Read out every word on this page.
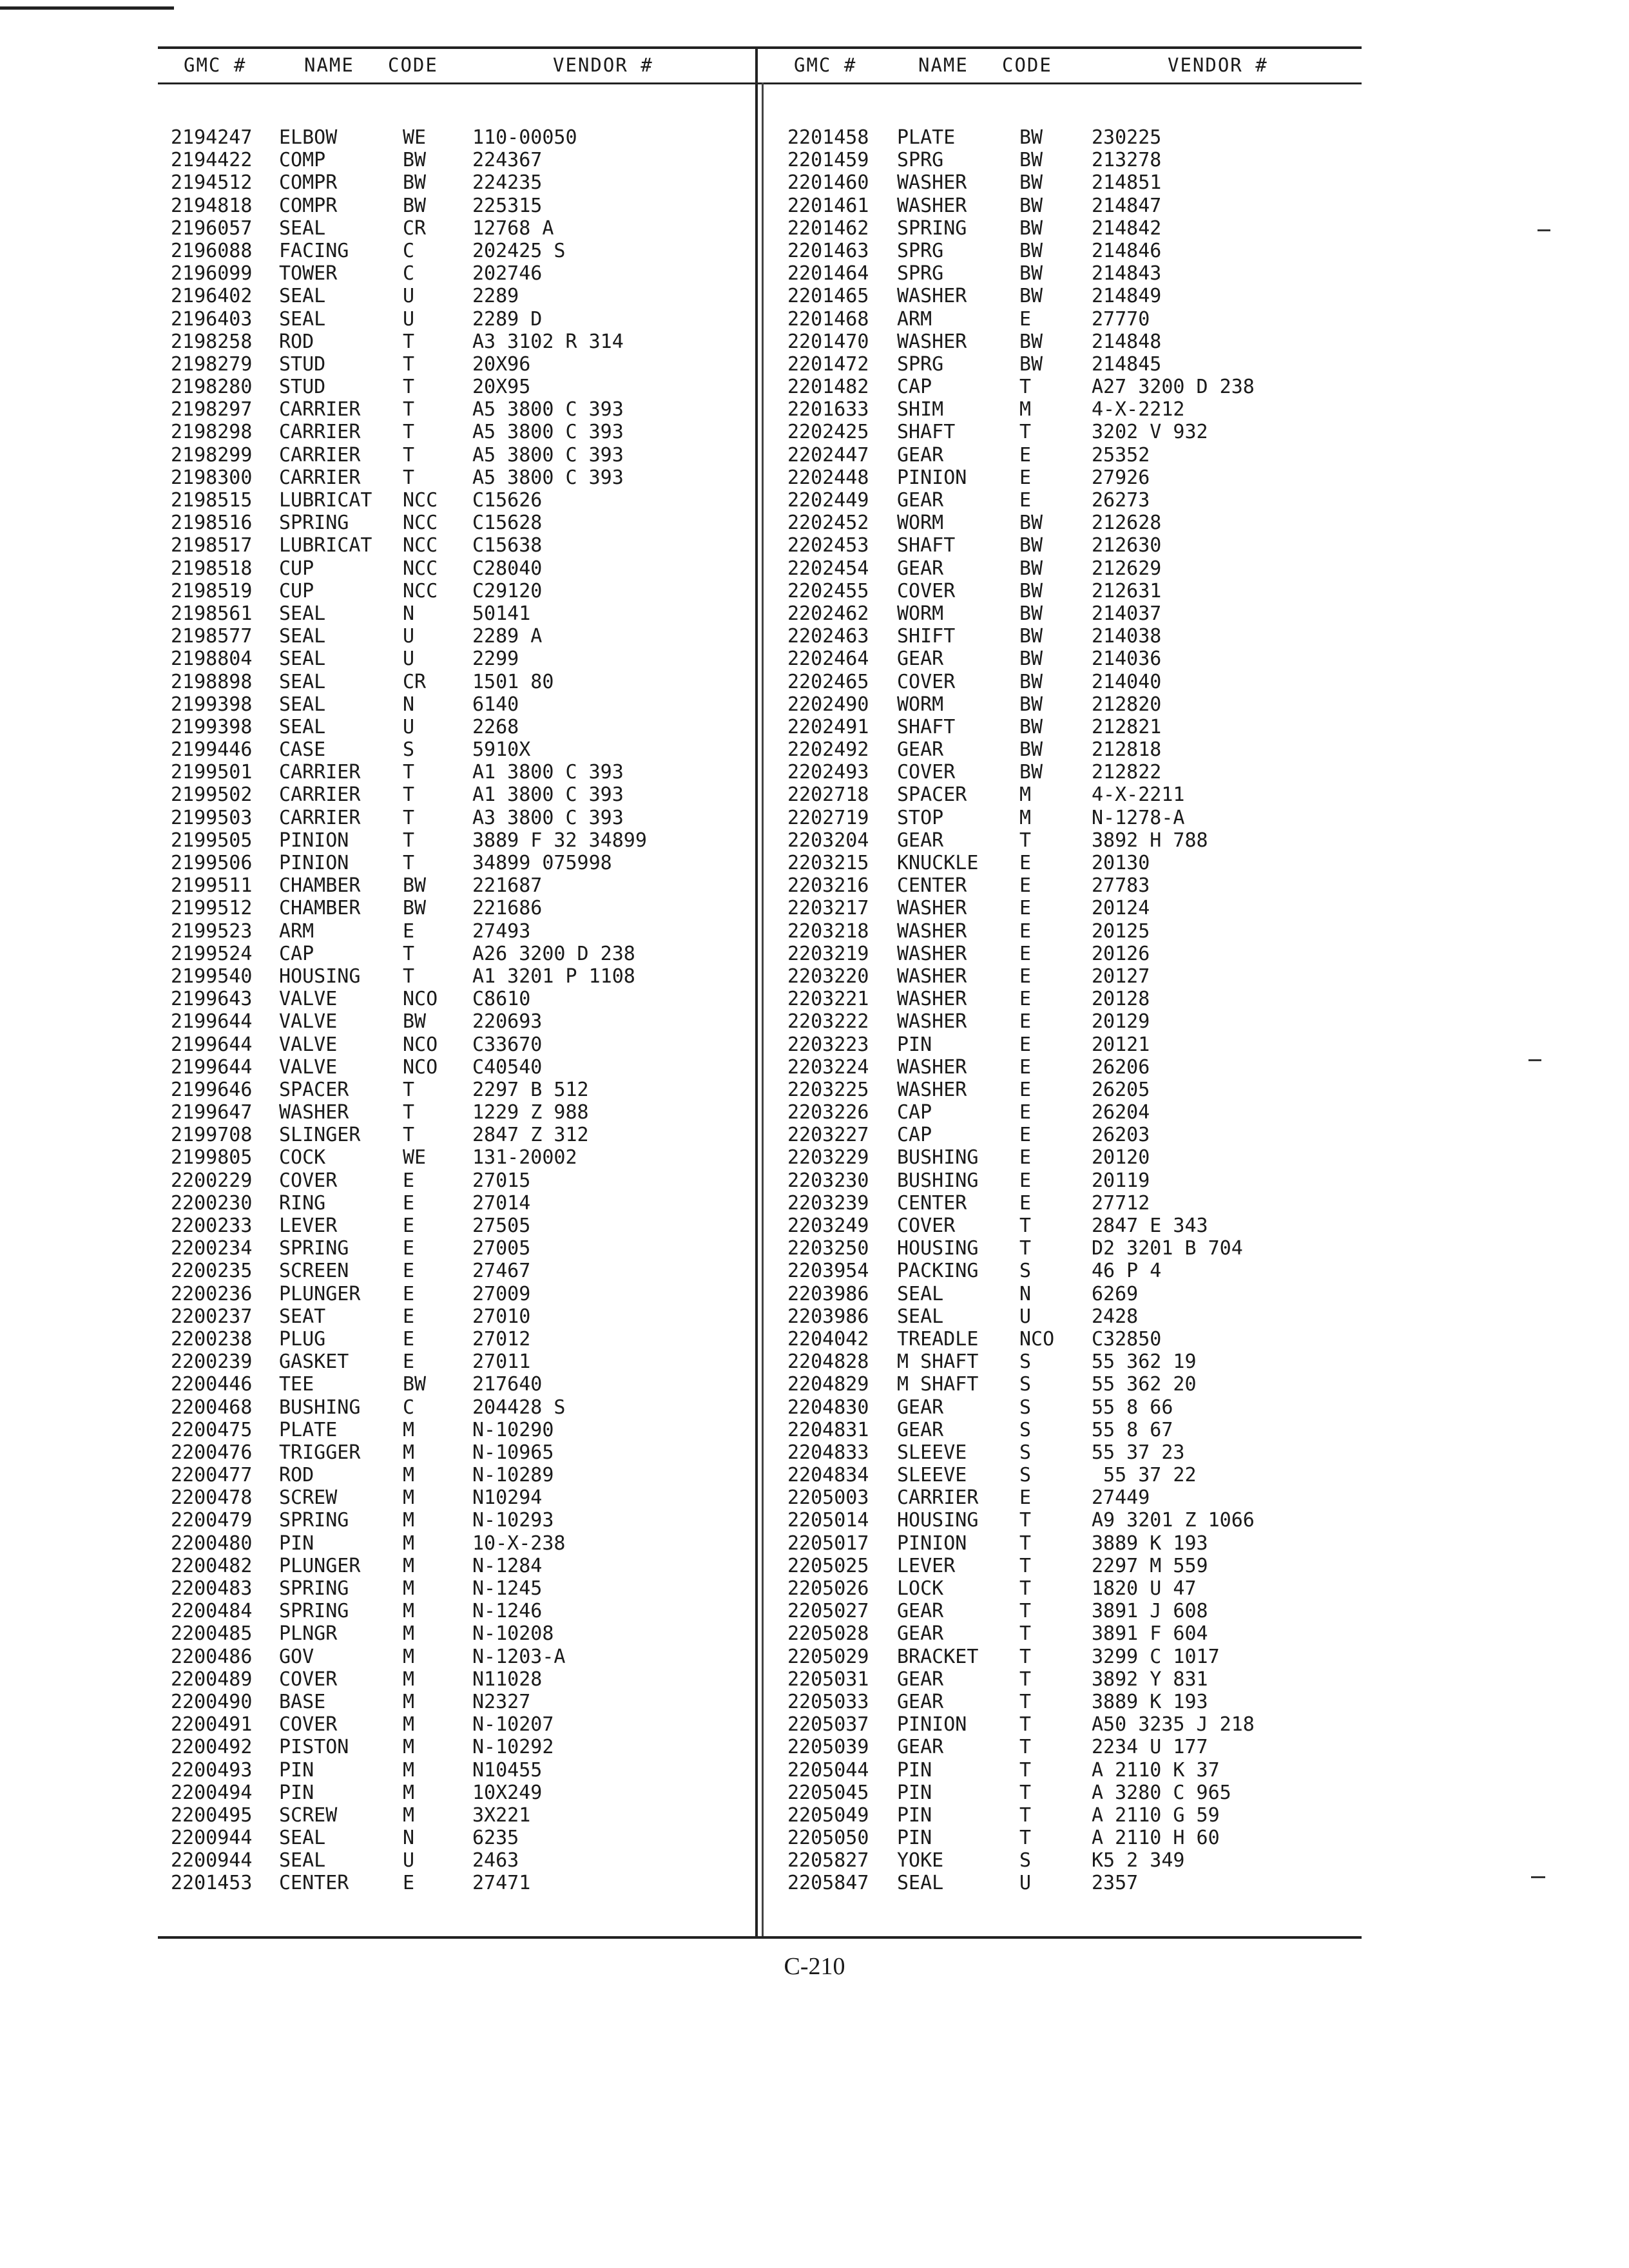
GMC #	NAME CODE	VENDOR #	GMC #	NAME CODE	VENDOR #
2194247 ELBOW	WE 110-00050
2194422 COMP	BW 224367
2194512 COMPR	BW 224235
2194818 COMPR	BW 225315
2196057 SEAL	CR 12768 A
2196088 FACING	C	202425 S
2196099 TOWER	C	202746
2196402 SEAL	U	2289
2196403 SEAL	U	2289 D
2198258 ROD	T	A3 3102 R 314
2198279 STUD	T	20X96
2198280 STUD	T	20X95
2198297 CARRIER T	A5 3800 C 393
2198298 CARRIER T	A5 3800 C 393
2198299 CARRIER T	A5 3800 C 393
2198300 CARRIER T	A5 3800 C 393
2198515 LUBRICAT NCC C15626
2198516 SPRING	NCC C15628
2198517 LUBRICAT NCC C15638
2198518 CUP	NCC C28040
2198519 CUP	NCC C29120
2198561 SEAL	N	50141
2198577 SEAL	U	2289 A
2198804 SEAL	U	2299
2198898 SEAL	CR 1501 80
2199398 SEAL	N	6140
2199398 SEAL	U	2268
2199446 CASE	S	5910X
2199501 CARRIER T	A1 3800 C 393
2199502 CARRIER T	A1 3800 C 393
2199503 CARRIER T	A3 3800 C 393
2199505 PINION	T	3889 F 32 34899
2199506 PINION	T	34899 075998
2199511 CHAMBER BW 221687
2199512 CHAMBER BW 221686
2199523 ARM	E	27493
2199524 CAP	T	A26 3200 D 238
2199540 HOUSING T	A1 3201 P 1108
2199643 VALVE	NCO C8610
2199644 VALVE	BW 220693
2199644 VALVE	NCO C33670
2199644 VALVE	NCO C40540
2199646 SPACER	T	2297 B 512
2199647 WASHER	T	1229 Z 988
2199708 SLINGER T	2847 Z 312
2199805 COCK	WE 131-20002
2200229 COVER	E	27015
2200230 RING	E	27014
2200233 LEVER	E	27505
2200234 SPRING	E	27005
2200235 SCREEN	E	27467
2200236 PLUNGER E	27009
2200237 SEAT	E	27010
2200238 PLUG	E	27012
2200239 GASKET	E	27011
2200446 TEE	BW 217640
2200468 BUSHING C	204428 S
2200475 PLATE	M	N-10290
2200476 TRIGGER M	N-10965
2200477 ROD	M	N-10289
2200478 SCREW	M	N10294
2200479 SPRING	M	N-10293
2200480 PIN	M	10-X-238
2200482 PLUNGER M	N-1284
2200483 SPRING	M	N-1245
2200484 SPRING	M	N-1246
2200485 PLNGR	M	N-10208
2200486 GOV	M	N-1203-A
2200489 COVER	M	N11028
2200490 BASE	M	N2327
2200491 COVER	M	N-10207
2200492 PISTON	M	N-10292
2200493 PIN	M	N10455
2200494 PIN	M	10X249
2200495 SCREW	M	3X221
2200944 SEAL	N	6235
2200944 SEAL	U	2463
2201453 CENTER	E	27471
2201458 PLATE	BW	230225
2201459 SPRG	BW	213278
2201460 WASHER	BW	214851
2201461 WASHER	BW	214847
2201462 SPRING	BW	214842
2201463 SPRG	BW	214846
2201464 SPRG	BW	214843
2201465 WASHER	BW	214849
2201468 ARM	E	27770
2201470 WASHER	BW	214848
2201472 SPRG	BW	214845
2201482 CAP	T	A27 3200 D 238
2201633 SHIM	M	4-X-2212
2202425 SHAFT	T	3202 V 932
2202447 GEAR	E	25352
2202448 PINION	E	27926
2202449 GEAR	E	26273
2202452 WORM	BW	212628
2202453 SHAFT	BW	212630
2202454 GEAR	BW	212629
2202455 COVER	BW	212631
2202462 WORM	BW	214037
2202463 SHIFT	BW	214038
2202464 GEAR	BW	214036
2202465 COVER	BW	214040
2202490 WORM	BW	212820
2202491 SHAFT	BW	212821
2202492 GEAR	BW	212818
2202493 COVER	BW	212822
2202718 SPACER	M	4-X-2211
2202719 STOP	M	N-1278-A
2203204 GEAR	T	3892 H 788
2203215 KNUCKLE E	20130
2203216 CENTER	E	27783
2203217 WASHER	E	20124
2203218 WASHER	E	20125
2203219 WASHER	E	20126
2203220 WASHER	E	20127
2203221 WASHER	E	20128
2203222 WASHER	E	20129
2203223 PIN	E	20121
2203224 WASHER	E	26206
2203225 WASHER	E	26205
2203226 CAP	E	26204
2203227 CAP	E	26203
2203229 BUSHING E	20120
2203230 BUSHING E	20119
2203239 CENTER	E	27712
2203249 COVER	T	2847 E 343
2203250 HOUSING T	D2 3201 B 704
2203954 PACKING S	46 P 4
2203986 SEAL	N	6269
2203986 SEAL	U	2428
2204042 TREADLE NCO C32850
2204828 M SHAFT S	55 362 19
2204829 M SHAFT S	55 362 20
2204830 GEAR	S	55 8 66
2204831 GEAR	S	55 8 67
2204833 SLEEVE	S	55 37 23
2204834 SLEEVE	S	55 37 22
2205003 CARRIER E	27449
2205014 HOUSING T	A9 3201 Z 1066
2205017 PINION	T	3889 K 193
2205025 LEVER	T	2297 M 559
2205026 LOCK	T	1820 U 47
2205027 GEAR	T	3891 J 608
2205028 GEAR	T	3891 F 604
2205029 BRACKET T	3299 C 1017
2205031 GEAR	T	3892 Y 831
2205033 GEAR	T	3889 K 193
2205037 PINION	T	A50 3235 J 218
2205039 GEAR	T	2234 U 177
2205044 PIN	T	A 2110 K 37
2205045 PIN	T	A 3280 C 965
2205049 PIN	T	A 2110 G 59
2205050 PIN	T	A 2110 H 60
2205827 YOKE	S	K5 2 349
2205847 SEAL	U	2357
C-210
